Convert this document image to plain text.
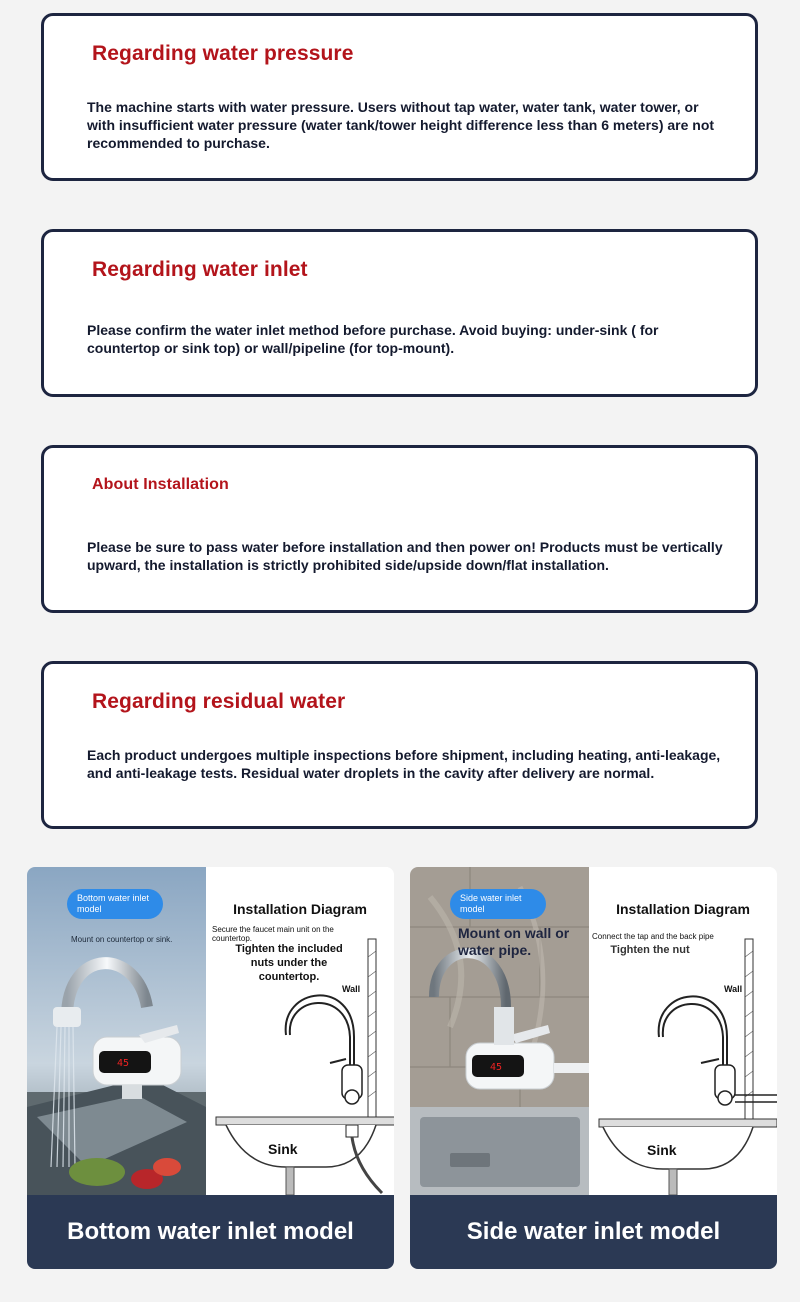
Regarding water pressure
The machine starts with water pressure. Users without tap water, water tank, water tower, or with insufficient water pressure (water tank/tower height difference less than 6 meters) are not recommended to purchase.
Regarding water inlet
Please confirm the water inlet method before purchase. Avoid buying: under-sink ( for countertop or sink top) or wall/pipeline (for top-mount).
About Installation
Please be sure to pass water before installation and then power on! Products must be vertically upward, the installation is strictly prohibited side/upside down/flat installation.
Regarding residual water
Each product undergoes multiple inspections before shipment, including heating, anti-leakage, and anti-leakage tests. Residual water droplets in the cavity after delivery are normal.
45
Bottom water inlet model
Mount on countertop or sink.
Installation Diagram
Secure the faucet main unit on the countertop.
Tighten the included nuts under the countertop.
Wall
Sink
Bottom water inlet model
45
Side water inlet model
Mount on wall or water pipe.
Installation Diagram
Connect the tap and the back pipe
Tighten the nut
Wall
Sink
Side water inlet model
